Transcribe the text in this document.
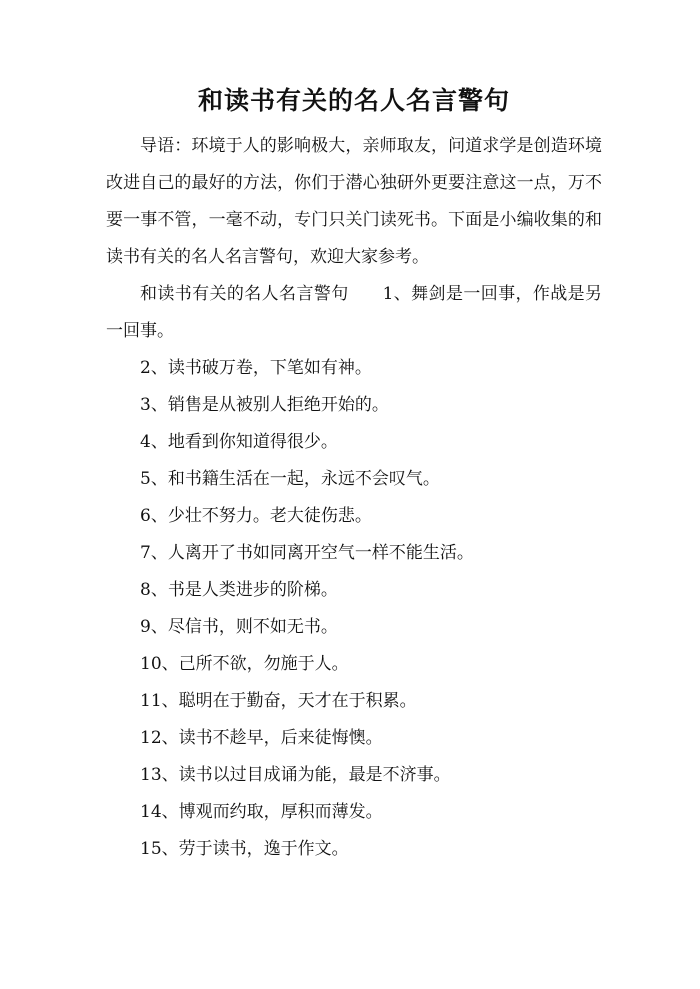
和读书有关的名人名言警句

导语：环境于人的影响极大，亲师取友，问道求学是创造环境改进自己的最好的方法，你们于潜心独研外更要注意这一点，万不要一事不管，一毫不动，专门只关门读死书。下面是小编收集的和读书有关的名人名言警句，欢迎大家参考。

和读书有关的名人名言警句 1、舞剑是一回事，作战是另一回事。

2、读书破万卷，下笔如有神。

3、销售是从被别人拒绝开始的。

4、地看到你知道得很少。

5、和书籍生活在一起，永远不会叹气。

6、少壮不努力。老大徒伤悲。

7、人离开了书如同离开空气一样不能生活。

8、书是人类进步的阶梯。

9、尽信书，则不如无书。

10、己所不欲，勿施于人。

11、聪明在于勤奋，天才在于积累。

12、读书不趁早，后来徒悔懊。

13、读书以过目成诵为能，最是不济事。

14、博观而约取，厚积而薄发。

15、劳于读书，逸于作文。
